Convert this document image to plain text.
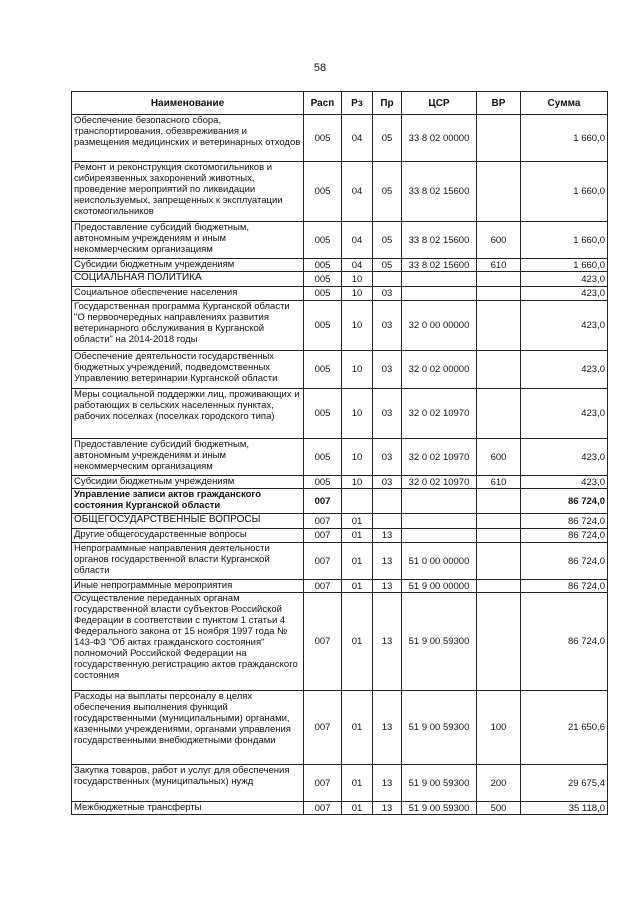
58
Наименование	Расп	Рз	Пр	ЦСР	ВР	Сумма
Обеспечение безопасного сбора, транспортирования, обезвреживания и размещения медицинских и ветеринарных отходов	005	04	05	33 8 02 00000		1 660,0
Ремонт и реконструкция скотомогильников и сибиреязвенных захоронений животных, проведение мероприятий по ликвидации неиспользуемых, запрещенных к эксплуатации скотомогильников	005	04	05	33 8 02 15600		1 660,0
Предоставление субсидий бюджетным, автономным учреждениям и иным некоммерческим организациям	005	04	05	33 8 02 15600	600	1 660,0
Субсидии бюджетным учреждениям	005	04	05	33 8 02 15600	610	1 660,0
СОЦИАЛЬНАЯ ПОЛИТИКА	005	10				423,0
Социальное обеспечение населения	005	10	03			423,0
Государственная программа Курганской области "О первоочередных направлениях развития ветеринарного обслуживания в Курганской области" на 2014-2018 годы	005	10	03	32 0 00 00000		423,0
Обеспечение деятельности государственных бюджетных учреждений, подведомственных Управлению ветеринарии Курганской области	005	10	03	32 0 02 00000		423,0
Меры социальной поддержки лиц, проживающих и работающих в сельских населенных пунктах, рабочих поселках (поселках городского типа)	005	10	03	32 0 02 10970		423,0
Предоставление субсидий бюджетным, автономным учреждениям и иным некоммерческим организациям	005	10	03	32 0 02 10970	600	423,0
Субсидии бюджетным учреждениям	005	10	03	32 0 02 10970	610	423,0
Управление записи актов гражданского состояния Курганской области	007					86 724,0
ОБЩЕГОСУДАРСТВЕННЫЕ ВОПРОСЫ	007	01				86 724,0
Другие общегосударственные вопросы	007	01	13			86 724,0
Непрограммные направления деятельности органов государственной власти Курганской области	007	01	13	51 0 00 00000		86 724,0
Иные непрограммные мероприятия	007	01	13	51 9 00 00000		86 724,0
Осуществление переданных органам государственной власти субъектов Российской Федерации в соответствии с пунктом 1 статьи 4 Федерального закона от 15 ноября 1997 года № 143-ФЗ "Об актах гражданского состояния" полномочий Российской Федерации на государственную регистрацию актов гражданского состояния	007	01	13	51 9 00 59300		86 724,0
Расходы на выплаты персоналу в целях обеспечения выполнения функций государственными (муниципальными) органами, казенными учреждениями, органами управления государственными внебюджетными фондами	007	01	13	51 9 00 59300	100	21 650,6
Закупка товаров, работ и услуг для обеспечения государственных (муниципальных) нужд	007	01	13	51 9 00 59300	200	29 675,4
Межбюджетные трансферты	007	01	13	51 9 00 59300	500	35 118,0
